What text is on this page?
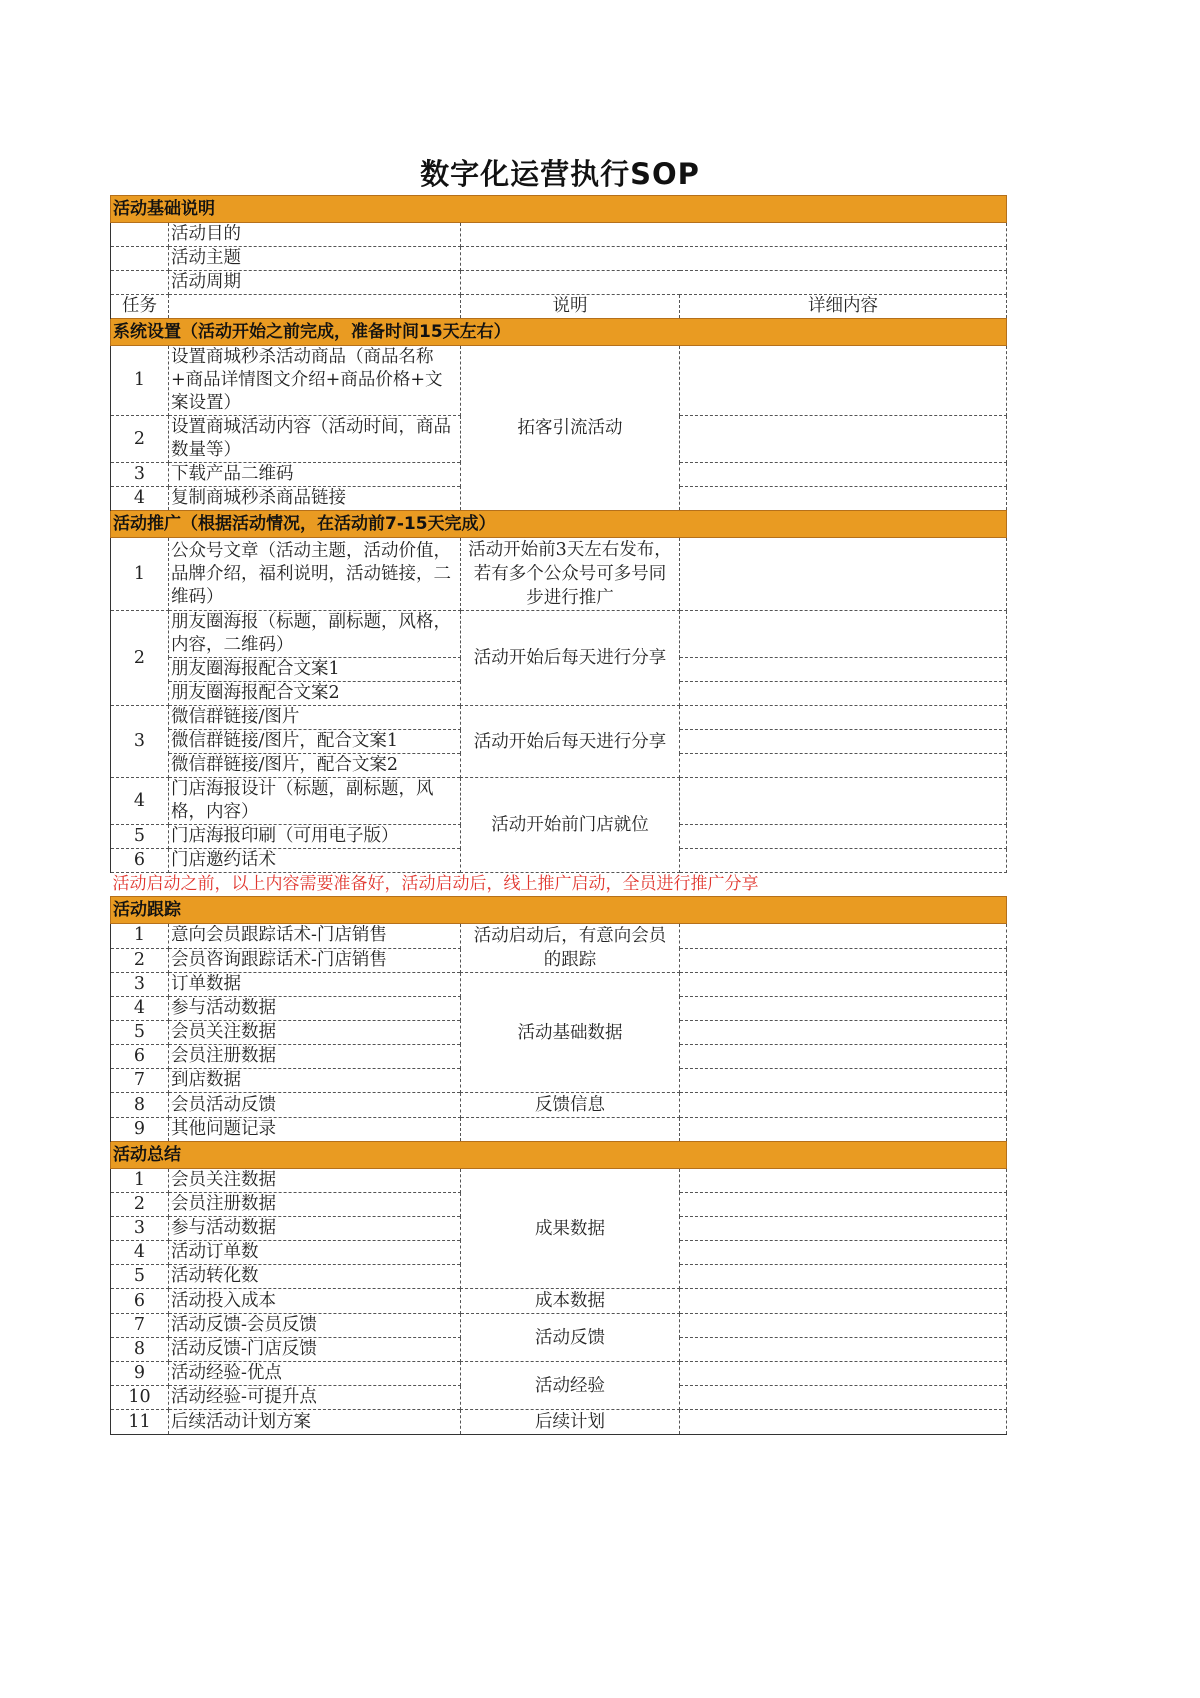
数字化运营执行SOP
活动基础说明			
	活动目的		
	活动主题		
	活动周期		
任务		说明	详细内容
系统设置（活动开始之前完成，准备时间15天左右）			
1	设置商城秒杀活动商品（商品名称+商品详情图文介绍+商品价格+文案设置）	拓客引流活动	

2	设置商城活动内容（活动时间，商品数量等）		

3	下载产品二维码		
4	复制商城秒杀商品链接		
活动推广（根据活动情况，在活动前7-15天完成）			
1	公众号文章（活动主题，活动价值，品牌介绍，福利说明，活动链接，二维码）	活动开始前3天左右发布，若有多个公众号可多号同步进行推广	

2	朋友圈海报（标题，副标题，风格，内容，二维码）	活动开始后每天进行分享	

	朋友圈海报配合文案1		
	朋友圈海报配合文案2		
3	微信群链接/图片	活动开始后每天进行分享	
	微信群链接/图片，配合文案1		
	微信群链接/图片，配合文案2		
4	门店海报设计（标题，副标题，风格，内容）	活动开始前门店就位	

5	门店海报印刷（可用电子版）		
6	门店邀约话术		
活动启动之前，以上内容需要准备好，活动启动后，线上推广启动，全员进行推广分享			
活动跟踪			
1	意向会员跟踪话术-门店销售	活动启动后，有意向会员的跟踪	
2	会员咨询跟踪话术-门店销售		
3	订单数据	活动基础数据	
4	参与活动数据		
5	会员关注数据		
6	会员注册数据		
7	到店数据		
8	会员活动反馈	反馈信息	
9	其他问题记录		
活动总结			
1	会员关注数据	成果数据	
2	会员注册数据		
3	参与活动数据		
4	活动订单数		
5	活动转化数		
6	活动投入成本	成本数据	
7	活动反馈-会员反馈	活动反馈	
8	活动反馈-门店反馈		
9	活动经验-优点	活动经验	
10	活动经验-可提升点		
11	后续活动计划方案	后续计划	
